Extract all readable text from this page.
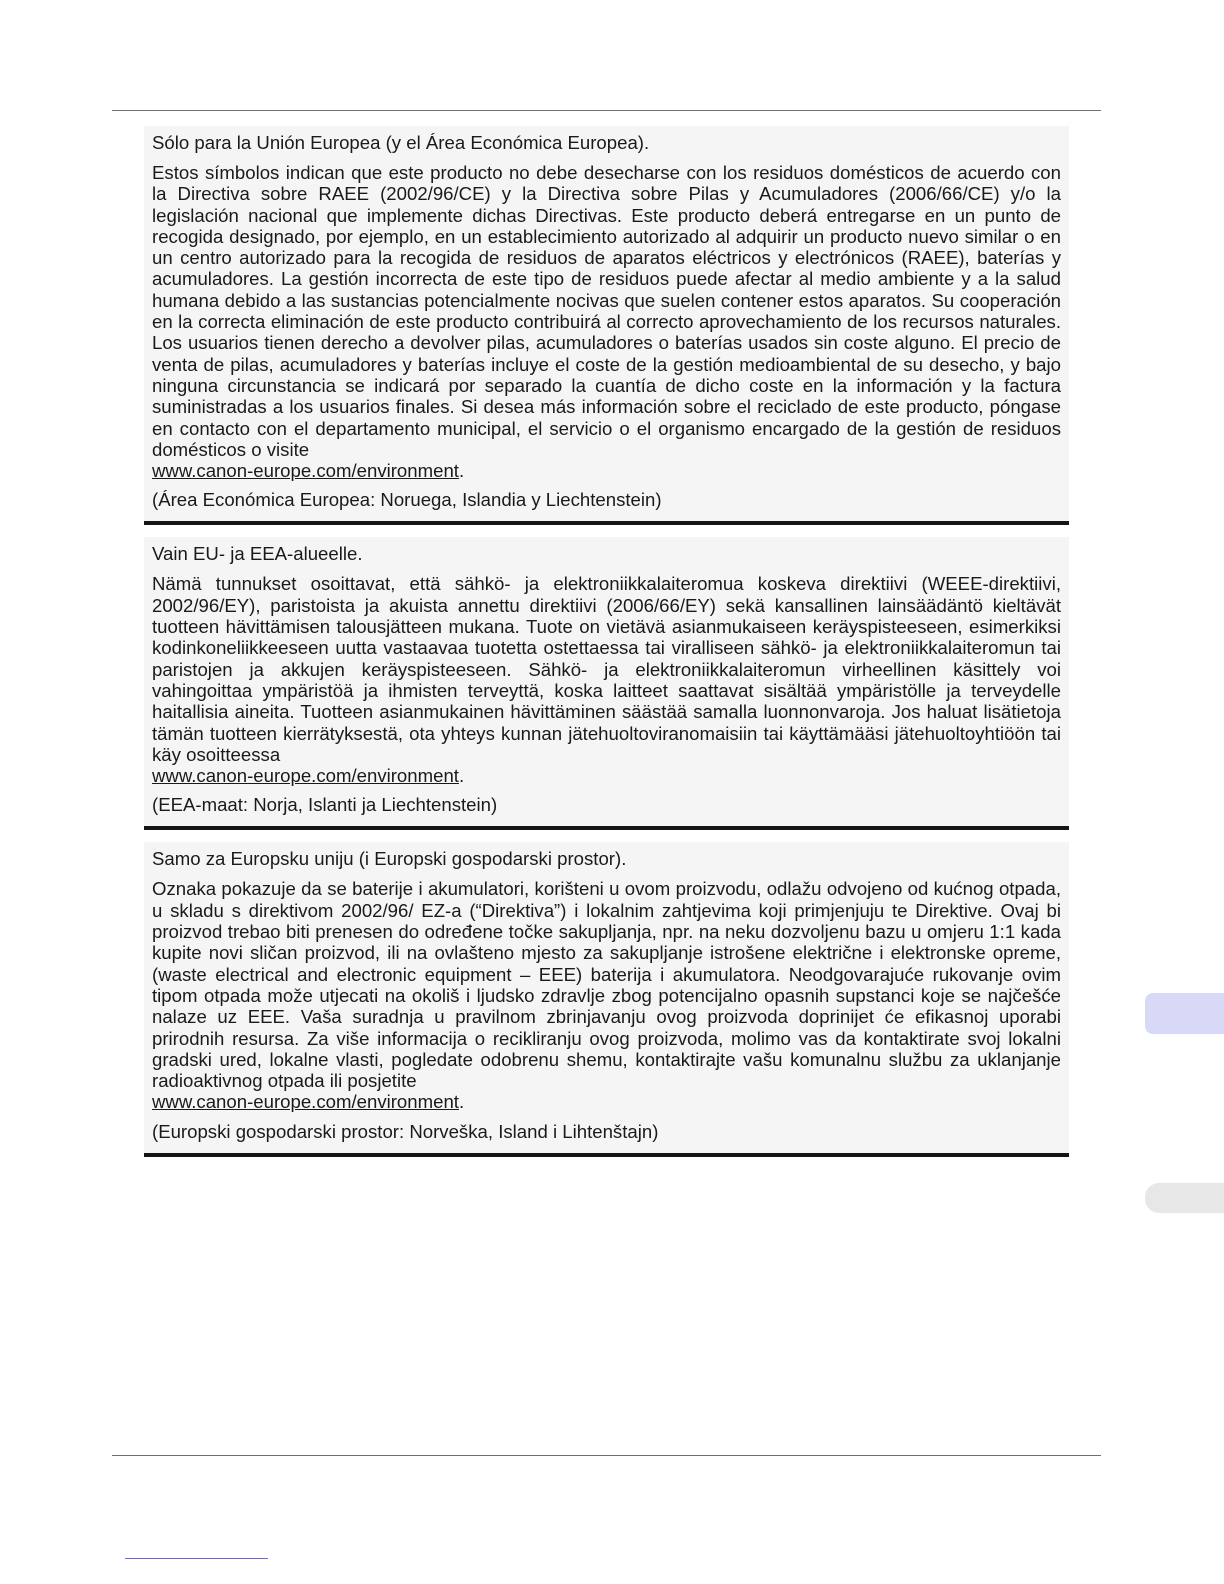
Sólo para la Unión Europea (y el Área Económica Europea).

Estos símbolos indican que este producto no debe desecharse con los residuos domésticos de acuerdo con la Directiva sobre RAEE (2002/96/CE) y la Directiva sobre Pilas y Acumuladores (2006/66/CE) y/o la legislación nacional que implemente dichas Directivas. Este producto deberá entregarse en un punto de recogida designado, por ejemplo, en un establecimiento autorizado al adquirir un producto nuevo similar o en un centro autorizado para la recogida de residuos de aparatos eléctricos y electrónicos (RAEE), baterías y acumuladores. La gestión incorrecta de este tipo de residuos puede afectar al medio ambiente y a la salud humana debido a las sustancias potencialmente nocivas que suelen contener estos aparatos. Su cooperación en la correcta eliminación de este producto contribuirá al correcto aprovechamiento de los recursos naturales. Los usuarios tienen derecho a devolver pilas, acumuladores o baterías usados sin coste alguno. El precio de venta de pilas, acumuladores y baterías incluye el coste de la gestión medioambiental de su desecho, y bajo ninguna circunstancia se indicará por separado la cuantía de dicho coste en la información y la factura suministradas a los usuarios finales. Si desea más información sobre el reciclado de este producto, póngase en contacto con el departamento municipal, el servicio o el organismo encargado de la gestión de residuos domésticos o visite
www.canon-europe.com/environment.

(Área Económica Europea: Noruega, Islandia y Liechtenstein)
Vain EU- ja EEA-alueelle.

Nämä tunnukset osoittavat, että sähkö- ja elektroniikkalaiteromua koskeva direktiivi (WEEE-direktiivi, 2002/96/EY), paristoista ja akuista annettu direktiivi (2006/66/EY) sekä kansallinen lainsäädäntö kieltävät tuotteen hävittämisen talousjätteen mukana. Tuote on vietävä asianmukaiseen keräyspisteeseen, esimerkiksi kodinkoneliikkeeseen uutta vastaavaa tuotetta ostettaessa tai viralliseen sähkö- ja elektroniikkalaiteromun tai paristojen ja akkujen keräyspisteeseen. Sähkö- ja elektroniikkalaiteromun virheellinen käsittely voi vahingoittaa ympäristöä ja ihmisten terveyttä, koska laitteet saattavat sisältää ympäristölle ja terveydelle haitallisia aineita. Tuotteen asianmukainen hävittäminen säästää samalla luonnonvaroja. Jos haluat lisätietoja tämän tuotteen kierrätyksestä, ota yhteys kunnan jätehuoltoviranomaisiin tai käyttämääsi jätehuoltoyhtiöön tai käy osoitteessa
www.canon-europe.com/environment.

(EEA-maat: Norja, Islanti ja Liechtenstein)
Samo za Europsku uniju (i Europski gospodarski prostor).

Oznaka pokazuje da se baterije i akumulatori, korišteni u ovom proizvodu, odlažu odvojeno od kućnog otpada, u skladu s direktivom 2002/96/ EZ-a (“Direktiva”) i lokalnim zahtjevima koji primjenjuju te Direktive. Ovaj bi proizvod trebao biti prenesen do određene točke sakupljanja, npr. na neku dozvoljenu bazu u omjeru 1:1 kada kupite novi sličan proizvod, ili na ovlašteno mjesto za sakupljanje istrošene električne i elektronske opreme, (waste electrical and electronic equipment – EEE) baterija i akumulatora. Neodgovarajuće rukovanje ovim tipom otpada može utjecati na okoliš i ljudsko zdravlje zbog potencijalno opasnih supstanci koje se najčešće nalaze uz EEE. Vaša suradnja u pravilnom zbrinjavanju ovog proizvoda doprinijet će efikasnoj uporabi prirodnih resursa. Za više informacija o recikliranju ovog proizvoda, molimo vas da kontaktirate svoj lokalni gradski ured, lokalne vlasti, pogledate odobrenu shemu, kontaktirajte vašu komunalnu službu za uklanjanje radioaktivnog otpada ili posjetite
www.canon-europe.com/environment.

(Europski gospodarski prostor: Norveška, Island i Lihtenštajn)
